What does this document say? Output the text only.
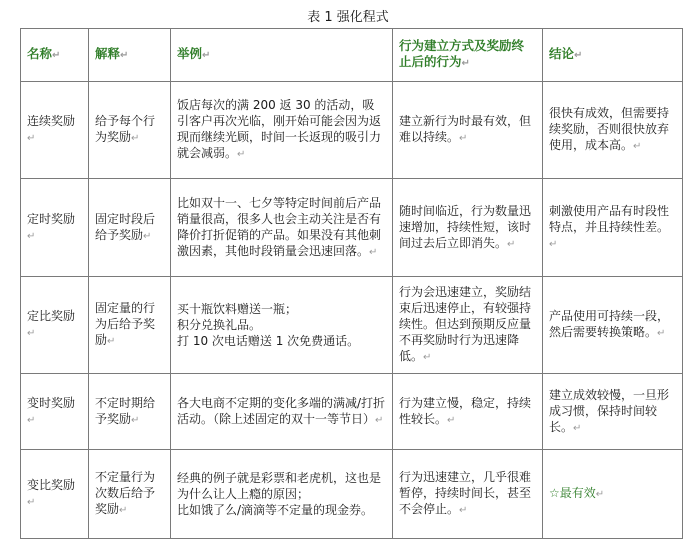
表 1 强化程式
名称↵	解释↵	举例↵	行为建立方式及奖励终止后的行为↵	结论↵
连续奖励↵	给予每个行为奖励↵	饭店每次的满 200 返 30 的活动，吸引客户再次光临，刚开始可能会因为返现而继续光顾，时间一长返现的吸引力就会减弱。↵	建立新行为时最有效，但难以持续。↵	很快有成效，但需要持续奖励，否则很快放弃使用，成本高。↵
定时奖励↵	固定时段后给予奖励↵	比如双十一、七夕等特定时间前后产品销量很高，很多人也会主动关注是否有降价打折促销的产品。如果没有其他刺激因素，其他时段销量会迅速回落。↵	随时间临近，行为数量迅速增加，持续性短，该时间过去后立即消失。↵	刺激使用产品有时段性特点，并且持续性差。↵
定比奖励↵	固定量的行为后给予奖励↵	买十瓶饮料赠送一瓶；
积分兑换礼品。
打 10 次电话赠送 1 次免费通话。	行为会迅速建立，奖励结束后迅速停止，有较强持续性。但达到预期反应量不再奖励时行为迅速降低。↵	产品使用可持续一段，然后需要转换策略。↵
变时奖励↵	不定时期给予奖励↵	各大电商不定期的变化多端的满减/打折活动。（除上述固定的双十一等节日）↵	行为建立慢，稳定，持续性较长。↵	建立成效较慢，一旦形成习惯，保持时间较长。↵
变比奖励↵	不定量行为次数后给予奖励↵	经典的例子就是彩票和老虎机，这也是为什么让人上瘾的原因；
比如饿了么/滴滴等不定量的现金券。	行为迅速建立，几乎很难暂停，持续时间长，甚至不会停止。↵	☆最有效↵
